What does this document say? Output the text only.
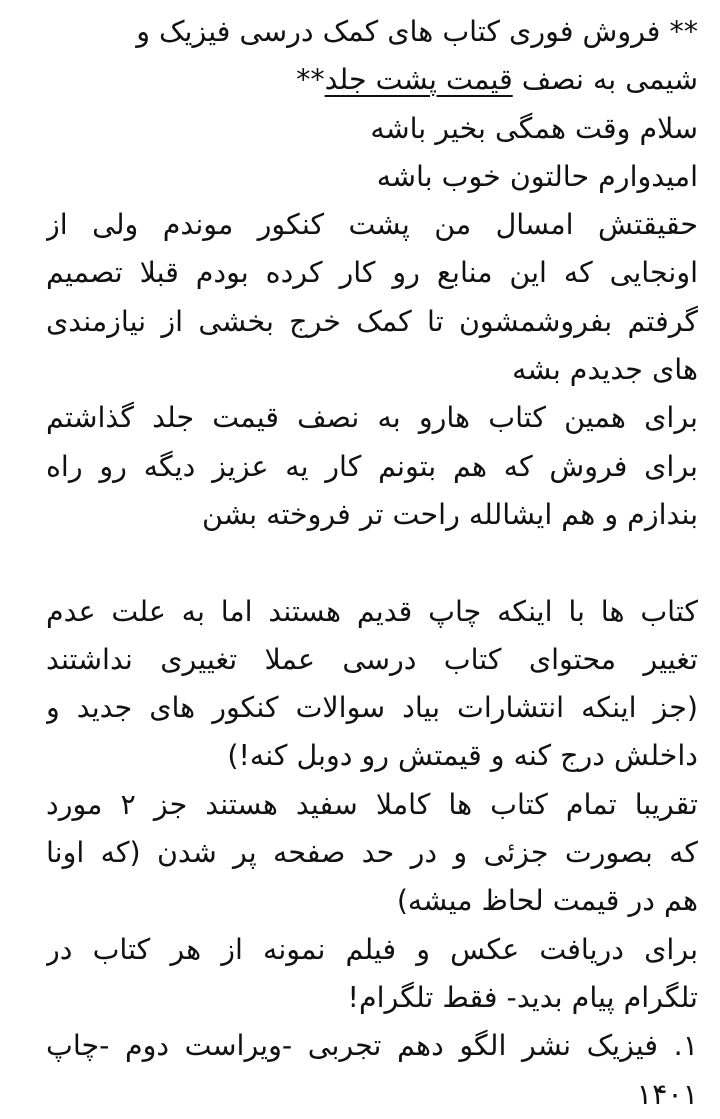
** فروش فوری کتاب های کمک درسی فیزیک و
شیمی به نصف قیمت پشت جلد**
سلام وقت همگی بخیر باشه
امیدوارم حالتون خوب باشه
حقیقتش امسال من پشت کنکور موندم ولی از
اونجایی که این منابع رو کار کرده بودم قبلا تصمیم
گرفتم بفروشمشون تا کمک خرج بخشی از نیازمندی
های جدیدم بشه
برای همین کتاب هارو به نصف قیمت جلد گذاشتم
برای فروش که هم بتونم کار یه عزیز دیگه رو راه
بندازم و هم ایشالله راحت تر فروخته بشن
کتاب ها با اینکه چاپ قدیم هستند اما به علت عدم
تغییر محتوای کتاب درسی عملا تغییری نداشتند
(جز اینکه انتشارات بیاد سوالات کنکور های جدید و
داخلش درج کنه و قیمتش رو دوبل کنه!)
تقریبا تمام کتاب ها کاملا سفید هستند جز ۲ مورد
که بصورت جزئی و در حد صفحه پر شدن (که اونا
هم در قیمت لحاظ میشه)
برای دریافت عکس و فیلم نمونه از هر کتاب در
تلگرام پیام بدید- فقط تلگرام!
۱. فیزیک نشر الگو دهم تجربی -ویراست دوم -چاپ
۱۴۰۱
